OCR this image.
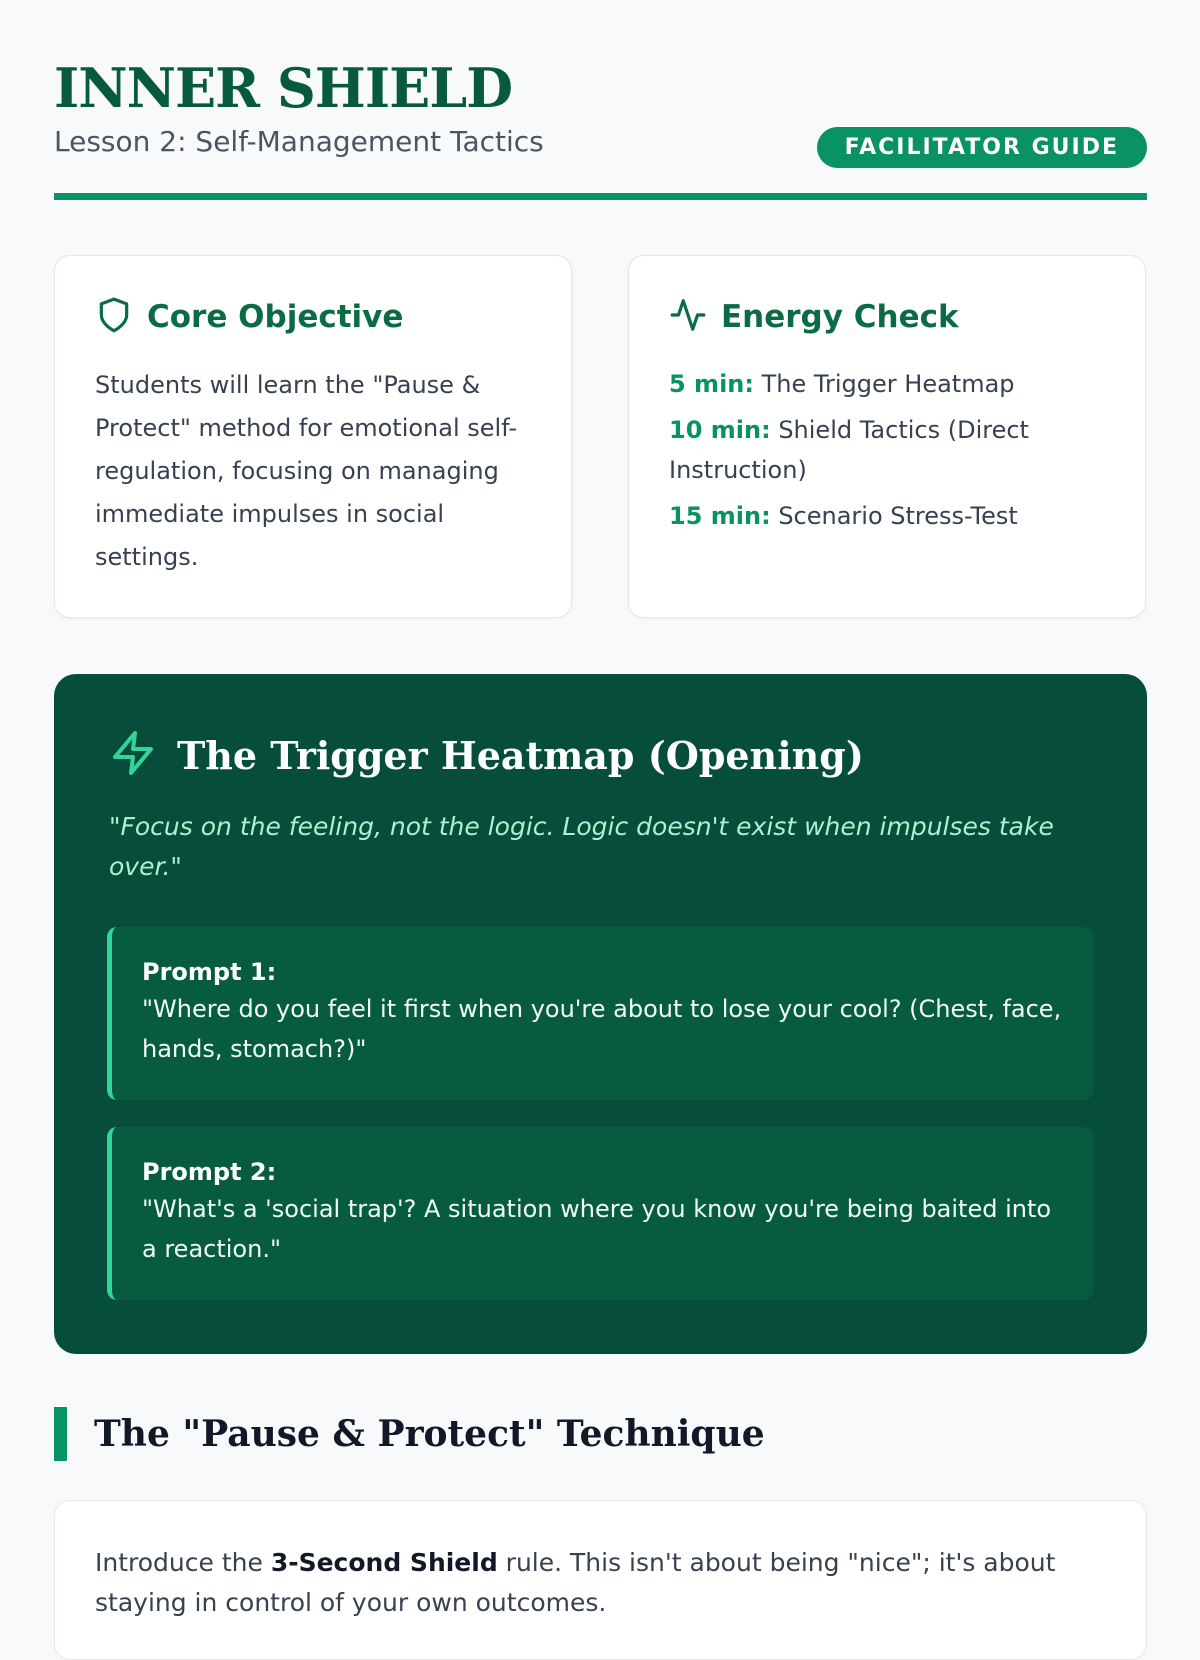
INNER SHIELD
Lesson 2: Self-Management Tactics	FACILITATOR GUIDE
Core Objective
Students will learn the "Pause & Protect" method for emotional self-regulation, focusing on managing immediate impulses in social settings.
Energy Check
5 min: The Trigger Heatmap
10 min: Shield Tactics (Direct Instruction)
15 min: Scenario Stress-Test
The Trigger Heatmap (Opening)
"Focus on the feeling, not the logic. Logic doesn't exist when impulses take over."
Prompt 1:
"Where do you feel it first when you're about to lose your cool? (Chest, face, hands, stomach?)"
Prompt 2:
"What's a 'social trap'? A situation where you know you're being baited into a reaction."
The "Pause & Protect" Technique
Introduce the 3-Second Shield rule. This isn't about being "nice"; it's about staying in control of your own outcomes.
